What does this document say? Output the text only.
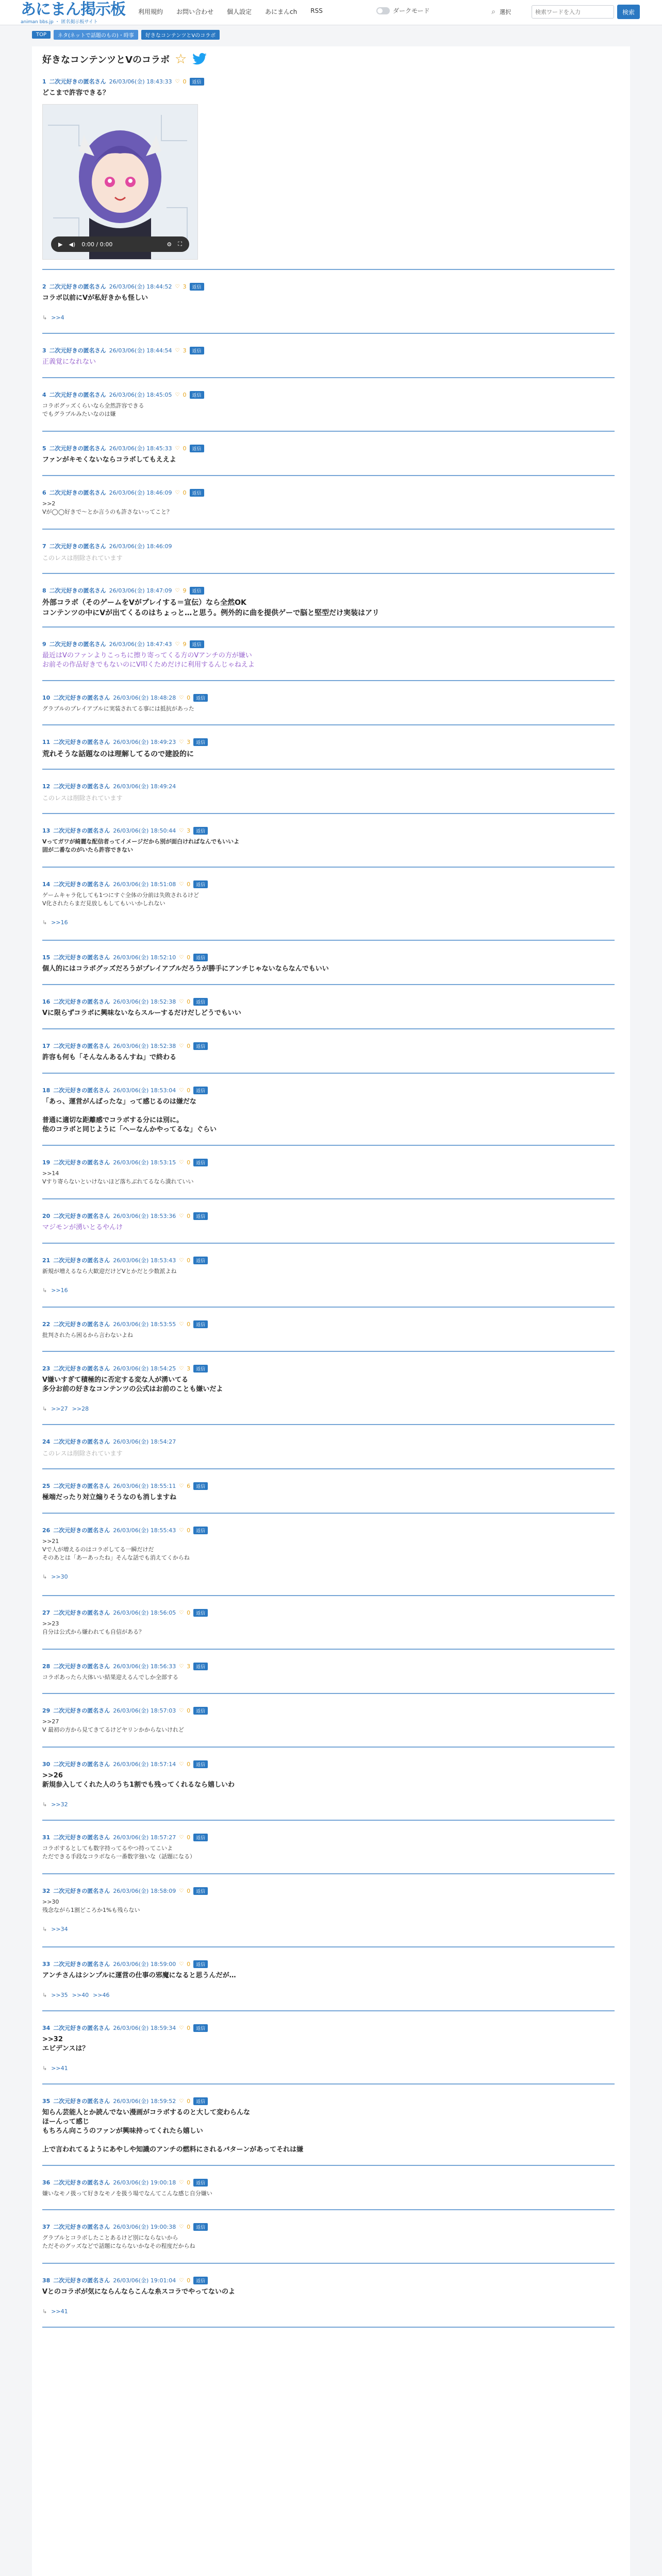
あにまん掲示板
animan bbs.jp ・ 匿名掲示板サイト
利用規約 お問い合わせ 個人設定 あにまんch RSS	ダークモード	⌕ 選択
検索ワードを入力	検索
TOP	ネタ(ネットで話題のもの)・時事	好きなコンテンツとVのコラボ
好きなコンテンツとVのコラボ ☆
1 二次元好きの匿名さん 26/03/06(金) 18:43:33 ♡ 0	返信
どこまで許容できる？
▶ ◀) 0:00 / 0:00	⚙ ⛶
2 二次元好きの匿名さん 26/03/06(金) 18:44:52 ♡ 3	返信
コラボ以前にVが私好きかも怪しい
↳ >>4
3 二次元好きの匿名さん 26/03/06(金) 18:44:54 ♡ 3	返信
正義覚になれない
4 二次元好きの匿名さん 26/03/06(金) 18:45:05 ♡ 0	返信
コラボグッズくらいなら全然許容できる
でもグラブルみたいなのは嫌
5 二次元好きの匿名さん 26/03/06(金) 18:45:33 ♡ 0	返信
ファンがキモくないならコラボしてもええよ
6 二次元好きの匿名さん 26/03/06(金) 18:46:09 ♡ 0	返信
>>2
Vが◯◯好きで〜とか言うのも許さないってこと？
7 二次元好きの匿名さん 26/03/06(金) 18:46:09
このレスは削除されています
8 二次元好きの匿名さん 26/03/06(金) 18:47:09 ♡ 9	返信
外部コラボ（そのゲームをVがプレイする＝宣伝）なら全然OK
コンテンツの中にVが出てくるのはちょっと…と思う。例外的に曲を提供ゲーで脳と堅型だけ実装はアリ
9 二次元好きの匿名さん 26/03/06(金) 18:47:43 ♡ 9	返信
最近はVのファンよりこっちに擦り寄ってくる方のVアンチの方が嫌い
お前その作品好きでもないのにV叩くためだけに利用するんじゃねえよ
10 二次元好きの匿名さん 26/03/06(金) 18:48:28 ♡ 0	返信
グラブルのプレイアブルに実装されてる事には抵抗があった
11 二次元好きの匿名さん 26/03/06(金) 18:49:23 ♡ 3	返信
荒れそうな話題なのは理解してるので建設的に
12 二次元好きの匿名さん 26/03/06(金) 18:49:24
このレスは削除されています
13 二次元好きの匿名さん 26/03/06(金) 18:50:44 ♡ 3	返信
Vってガワが綺麗な配信者ってイメージだから別が面白ければなんでもいいよ
固が二番なのがいたら許容できない
14 二次元好きの匿名さん 26/03/06(金) 18:51:08 ♡ 0	返信
ゲームキャラ化しても1つにすぐ全体の分前は失敗されるけど
V化されたらまだ見放しもしてもいいかしれない
↳ >>16
15 二次元好きの匿名さん 26/03/06(金) 18:52:10 ♡ 0	返信
個人的にはコラボグッズだろうがプレイアブルだろうが勝手にアンチじゃないならなんでもいい
16 二次元好きの匿名さん 26/03/06(金) 18:52:38 ♡ 0	返信
Vに限らずコラボに興味ないならスルーするだけだしどうでもいい
17 二次元好きの匿名さん 26/03/06(金) 18:52:38 ♡ 0	返信
許容も何も「そんなんあるんすね」で終わる
18 二次元好きの匿名さん 26/03/06(金) 18:53:04 ♡ 0	返信
「あっ、運営がんばったな」って感じるのは嫌だな

普通に適切な距離感でコラボする分には別に。
他のコラボと同じように「へーなんかやってるな」ぐらい
19 二次元好きの匿名さん 26/03/06(金) 18:53:15 ♡ 0	返信
>>14
Vすり寄らないといけないほど落ちぶれてるなら潰れていい
20 二次元好きの匿名さん 26/03/06(金) 18:53:36 ♡ 0	返信
マジモンが湧いとるやんけ
21 二次元好きの匿名さん 26/03/06(金) 18:53:43 ♡ 0	返信
新規が増えるなら大歓迎だけどVとかだと少数派よね
↳ >>16
22 二次元好きの匿名さん 26/03/06(金) 18:53:55 ♡ 0	返信
批判されたら困るから言わないよね
23 二次元好きの匿名さん 26/03/06(金) 18:54:25 ♡ 3	返信
V嫌いすぎて積極的に否定する変な人が湧いてる
多分お前の好きなコンテンツの公式はお前のことも嫌いだよ
↳ >>27 >>28
24 二次元好きの匿名さん 26/03/06(金) 18:54:27
このレスは削除されています
25 二次元好きの匿名さん 26/03/06(金) 18:55:11 ♡ 6	返信
極端だったり対立煽りそうなのも消しますね
26 二次元好きの匿名さん 26/03/06(金) 18:55:43 ♡ 0	返信
>>21
Vで人が増えるのはコラボしてる一瞬だけだ
そのあとは「あーあったね」そんな話でも消えてくからね
↳ >>30
27 二次元好きの匿名さん 26/03/06(金) 18:56:05 ♡ 0	返信
>>23
自分は公式から嫌われても自信がある？
28 二次元好きの匿名さん 26/03/06(金) 18:56:33 ♡ 3	返信
コラボあったら大体いい結果迎えるんでしか全部する
29 二次元好きの匿名さん 26/03/06(金) 18:57:03 ♡ 0	返信
>>27
V 最初の方から見てきてるけどヤリンかからないけれど
30 二次元好きの匿名さん 26/03/06(金) 18:57:14 ♡ 0	返信
>>26
新規参入してくれた人のうち1割でも残ってくれるなら嬉しいわ
↳ >>32
31 二次元好きの匿名さん 26/03/06(金) 18:57:27 ♡ 0	返信
コラボするとしても数字持ってるやつ持ってこいよ
ただできる手段なコラボなら一番数字強いな（話題になる）
32 二次元好きの匿名さん 26/03/06(金) 18:58:09 ♡ 0	返信
>>30
残念ながら1割どころか1%も残らない
↳ >>34
33 二次元好きの匿名さん 26/03/06(金) 18:59:00 ♡ 0	返信
アンチさんはシンプルに運営の仕事の邪魔になると思うんだが…
↳ >>35 >>40 >>46
34 二次元好きの匿名さん 26/03/06(金) 18:59:34 ♡ 0	返信
>>32
エビデンスは？
↳ >>41
35 二次元好きの匿名さん 26/03/06(金) 18:59:52 ♡ 0	返信
知らん芸能人とか読んでない漫画がコラボするのと大して変わらんな
ほーんって感じ
もちろん向こうのファンが興味持ってくれたら嬉しい

上で言われてるようにあやしや知識のアンチの燃料にされるパターンがあってそれは嫌
36 二次元好きの匿名さん 26/03/06(金) 19:00:18 ♡ 0	返信
嫌いなモノ扱って好きなモノを扱う場でなんてこんな感じ自分嫌い
37 二次元好きの匿名さん 26/03/06(金) 19:00:38 ♡ 0	返信
グラブルとコラボしたことあるけど別にならないから
ただそのグッズなどで話題にならないかなその程度だからね
38 二次元好きの匿名さん 26/03/06(金) 19:01:04 ♡ 0	返信
Vとのコラボが気にならんならこんな糸スコラでやってないのよ
↳ >>41
